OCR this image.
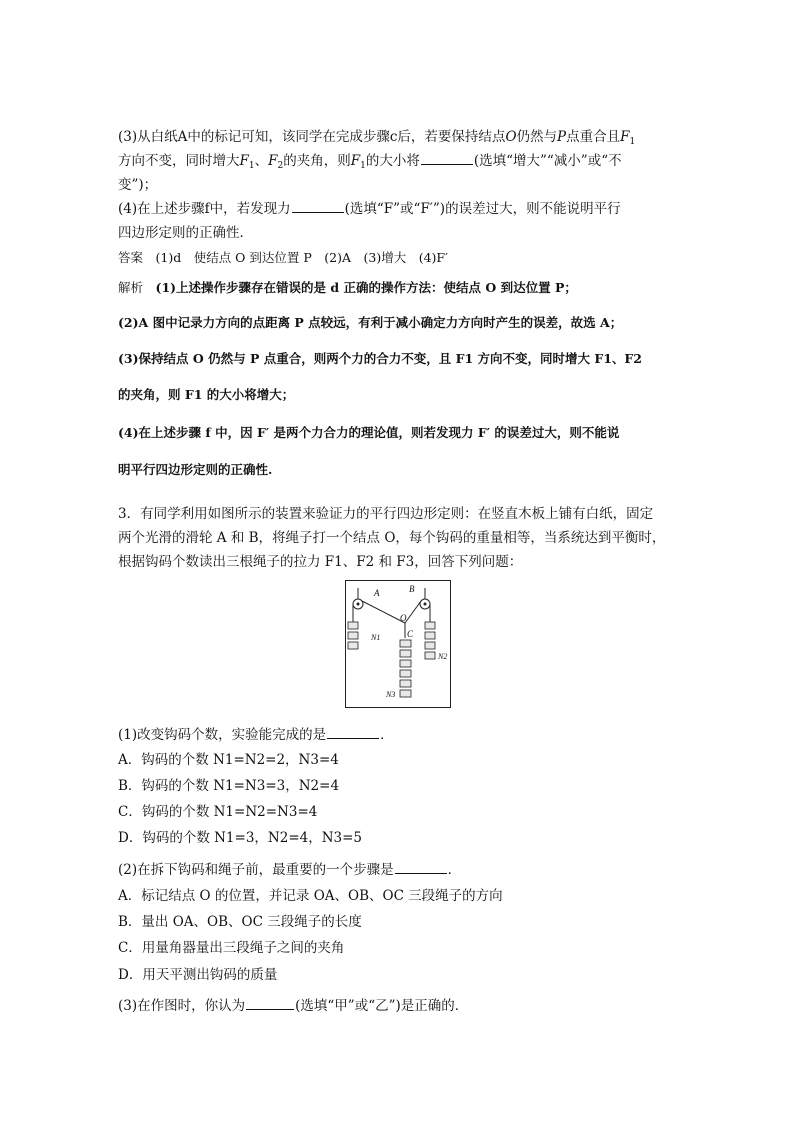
(3)从白纸A中的标记可知，该同学在完成步骤c后，若要保持结点O仍然与P点重合且$F_1$
方向不变，同时增大$F_1$、$F_2$的夹角，则$F_1$的大小将	(选填“增大”“减小”或“不
变”)；
(4)在上述步骤f中，若发现力	(选填“F”或“F′”)的误差过大，则不能说明平行
四边形定则的正确性．
答案　(1)d　使结点 O 到达位置 P　(2)A　(3)增大　(4)F′
解析　 (1)上述操作步骤存在错误的是 d 正确的操作方法：使结点 O 到达位置 P；
(2)A 图中记录力方向的点距离 P 点较远，有利于减小确定力方向时产生的误差，故选 A；
(3)保持结点 O 仍然与 P 点重合，则两个力的合力不变，且 F1 方向不变，同时增大 F1、F2
的夹角，则 F1 的大小将增大；
(4)在上述步骤 f 中，因 F′ 是两个力合力的理论值，则若发现力 F′ 的误差过大，则不能说
明平行四边形定则的正确性.
3．有同学利用如图所示的装置来验证力的平行四边形定则：在竖直木板上铺有白纸，固定
两个光滑的滑轮 A 和 B，将绳子打一个结点 O，每个钩码的重量相等，当系统达到平衡时，
根据钩码个数读出三根绳子的拉力 F1、F2 和 F3，回答下列问题：
A	B
O
C
N1
N2
N3
(1)改变钩码个数，实验能完成的是	．
A．钩码的个数 N1=N2=2，N3=4
B．钩码的个数 N1=N3=3，N2=4
C．钩码的个数 N1=N2=N3=4
D．钩码的个数 N1=3，N2=4，N3=5
(2)在拆下钩码和绳子前，最重要的一个步骤是	．
A．标记结点 O 的位置，并记录 OA、OB、OC 三段绳子的方向
B．量出 OA、OB、OC 三段绳子的长度
C．用量角器量出三段绳子之间的夹角
D．用天平测出钩码的质量
(3)在作图时，你认为	(选填“甲”或“乙”)是正确的．
